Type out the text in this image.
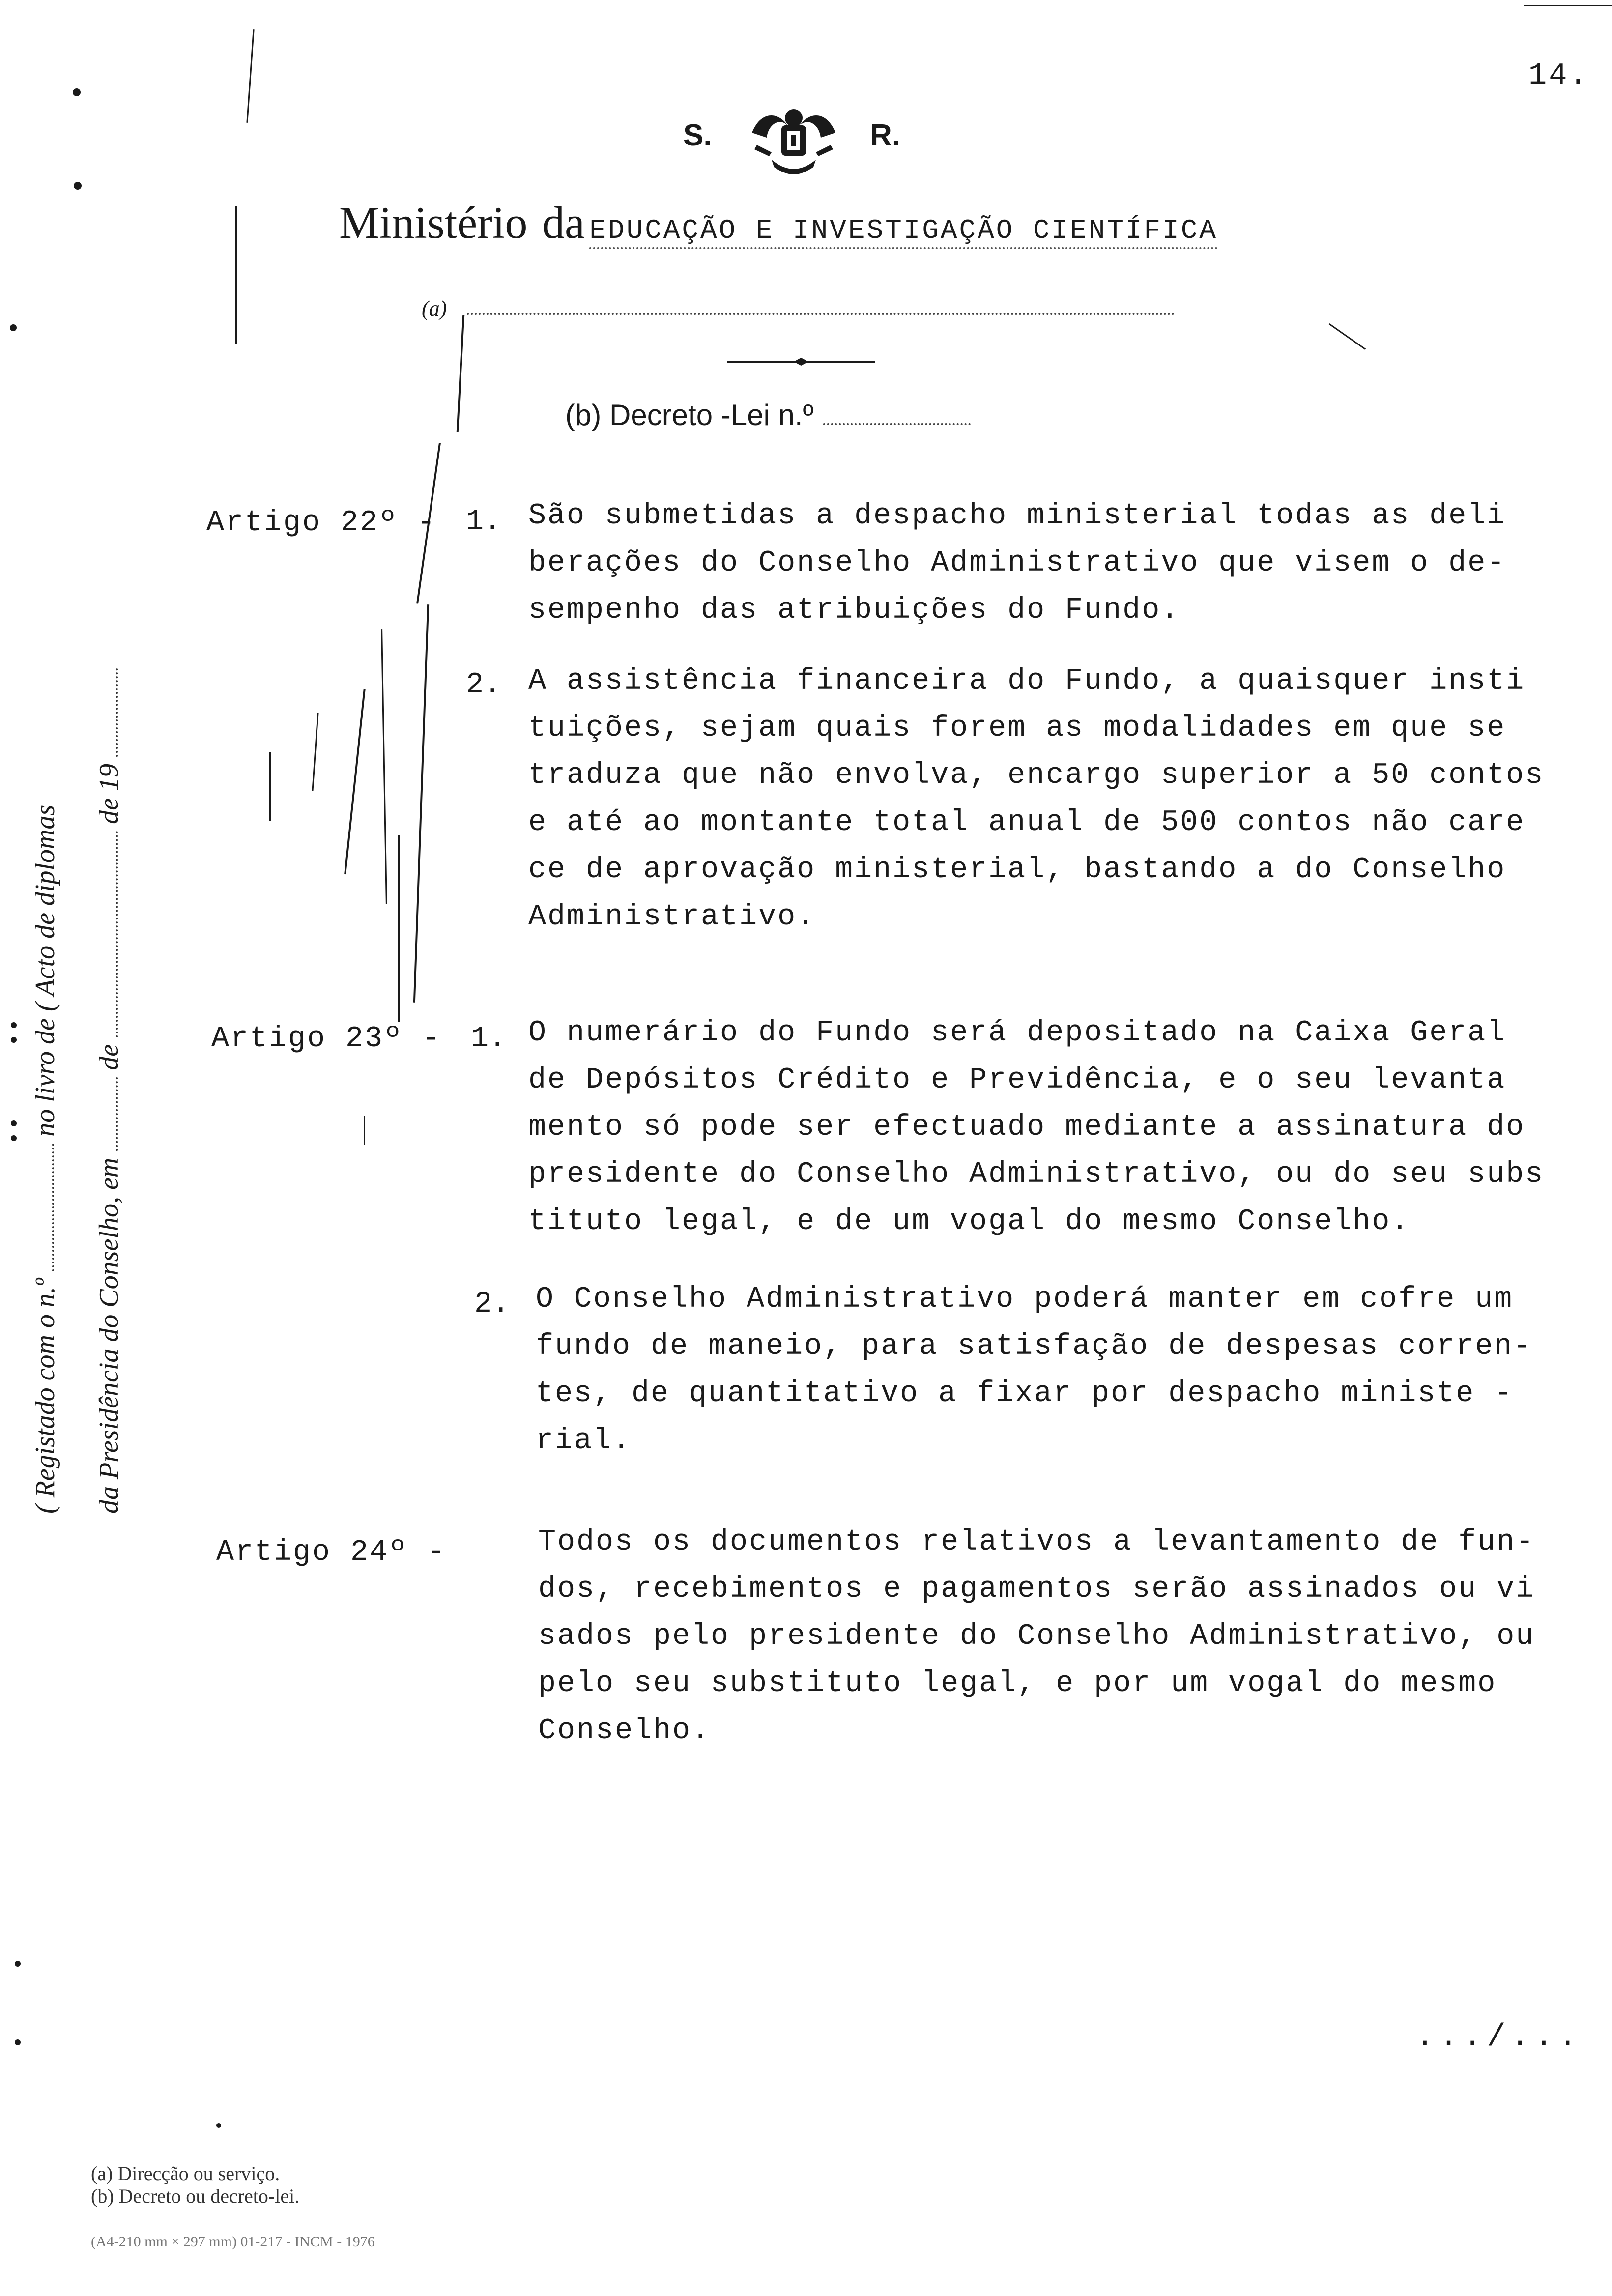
14.
S.	R.
Ministério da EDUCAÇÃO E INVESTIGAÇÃO CIENTÍFICA
(a)
(b) Decreto -Lei n.º
Artigo 22º - 1. São submetidas a despacho ministerial todas as deli
berações do Conselho Administrativo que visem o de-
sempenho das atribuições do Fundo.
2. A assistência financeira do Fundo, a quaisquer insti
tuições, sejam quais forem as modalidades em que se
traduza que não envolva, encargo superior a 50 contos
e até ao montante total anual de 500 contos não care
ce de aprovação ministerial, bastando a do Conselho
Administrativo.
Artigo 23º - 1. O numerário do Fundo será depositado na Caixa Geral
de Depósitos Crédito e Previdência, e o seu levanta
mento só pode ser efectuado mediante a assinatura do
presidente do Conselho Administrativo, ou do seu subs
tituto legal, e de um vogal do mesmo Conselho.
2. O Conselho Administrativo poderá manter em cofre um
fundo de maneio, para satisfação de despesas corren-
tes, de quantitativo a fixar por despacho ministe -
rial.
Artigo 24º -	Todos os documentos relativos a levantamento de fun-
dos, recebimentos e pagamentos serão assinados ou vi
sados pelo presidente do Conselho Administrativo, ou
pelo seu substituto legal, e por um vogal do mesmo
Conselho.
( Registado com o n.º  no livro de ( Acto de diplomas
da Presidência do Conselho, em  de  de 19
.../...
(a) Direcção ou serviço.
(b) Decreto ou decreto-lei.
(A4-210 mm × 297 mm) 01-217 - INCM - 1976
